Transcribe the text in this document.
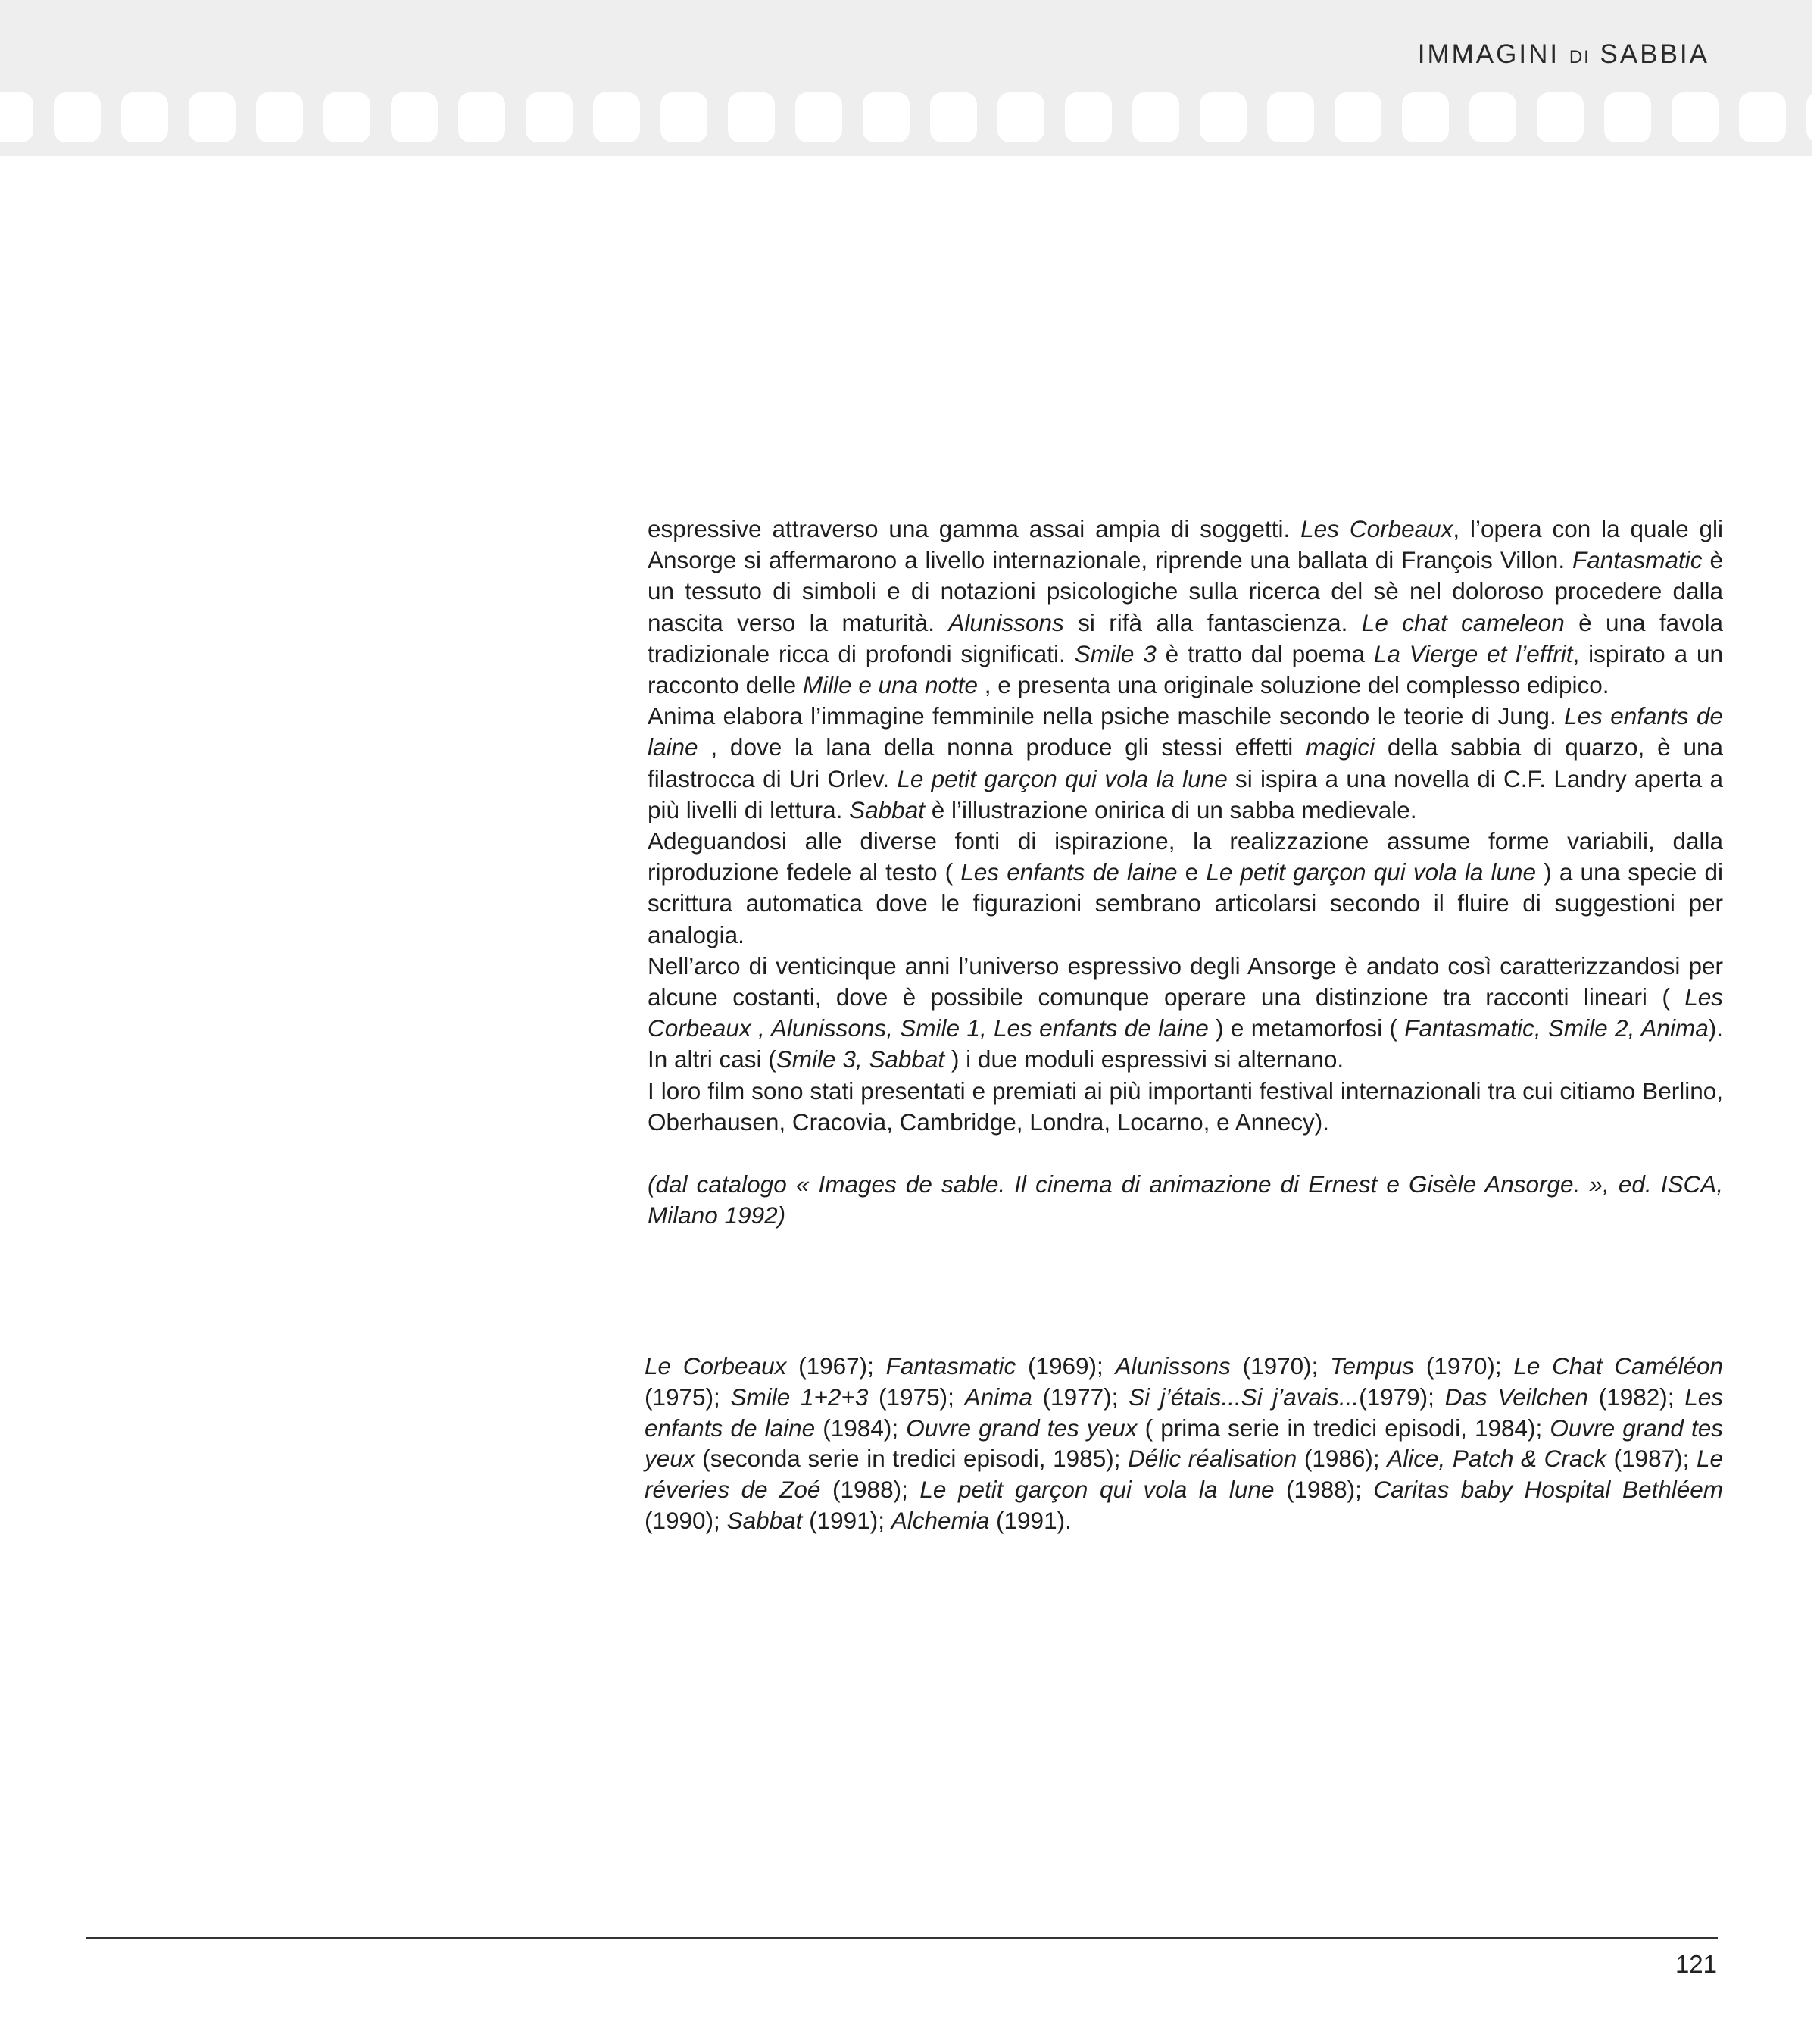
IMMAGINI DI SABBIA

espressive attraverso una gamma assai ampia di soggetti. Les Corbeaux, l’opera con la quale gli Ansorge si affermarono a livello internazionale, riprende una ballata di François Villon. Fantasmatic è un tessuto di simboli e di notazioni psicologiche sulla ricerca del sè nel doloroso procedere dalla nascita verso la maturità. Alunissons si rifà alla fantascienza. Le chat cameleon è una favola tradizionale ricca di profondi significati. Smile 3 è tratto dal poema La Vierge et l’effrit, ispirato a un racconto delle Mille e una notte , e presenta una originale soluzione del complesso edipico.

Anima elabora l’immagine femminile nella psiche maschile secondo le teorie di Jung. Les enfants de laine , dove la lana della nonna produce gli stessi effetti magici della sabbia di quarzo, è una filastrocca di Uri Orlev. Le petit garçon qui vola la lune si ispira a una novella di C.F. Landry aperta a più livelli di lettura. Sabbat è l’illustrazione onirica di un sabba medievale.

Adeguandosi alle diverse fonti di ispirazione, la realizzazione assume forme variabili, dalla riproduzione fedele al testo ( Les enfants de laine e Le petit garçon qui vola la lune ) a una specie di scrittura automatica dove le figurazioni sembrano articolarsi secondo il fluire di suggestioni per analogia.

Nell’arco di venticinque anni l’universo espressivo degli Ansorge è andato così caratterizzandosi per alcune costanti, dove è possibile comunque operare una distinzione tra racconti lineari ( Les Corbeaux , Alunissons, Smile 1, Les enfants de laine ) e metamorfosi ( Fantasmatic, Smile 2, Anima). In altri casi (Smile 3, Sabbat ) i due moduli espressivi si alternano.

I loro film sono stati presentati e premiati ai più importanti festival internazionali tra cui citiamo Berlino, Oberhausen, Cracovia, Cambridge, Londra, Locarno, e Annecy).

(dal catalogo « Images de sable. Il cinema di animazione di Ernest e Gisèle Ansorge. », ed. ISCA, Milano 1992)

Le Corbeaux (1967); Fantasmatic (1969); Alunissons (1970); Tempus (1970); Le Chat Caméléon (1975); Smile 1+2+3 (1975); Anima (1977); Si j’étais...Si j’avais...(1979); Das Veilchen (1982); Les enfants de laine (1984); Ouvre grand tes yeux ( prima serie in tredici episodi, 1984); Ouvre grand tes yeux (seconda serie in tredici episodi, 1985); Délic réalisation (1986); Alice, Patch & Crack (1987); Le réveries de Zoé (1988); Le petit garçon qui vola la lune (1988); Caritas baby Hospital Bethléem (1990); Sabbat (1991); Alchemia (1991).
121
